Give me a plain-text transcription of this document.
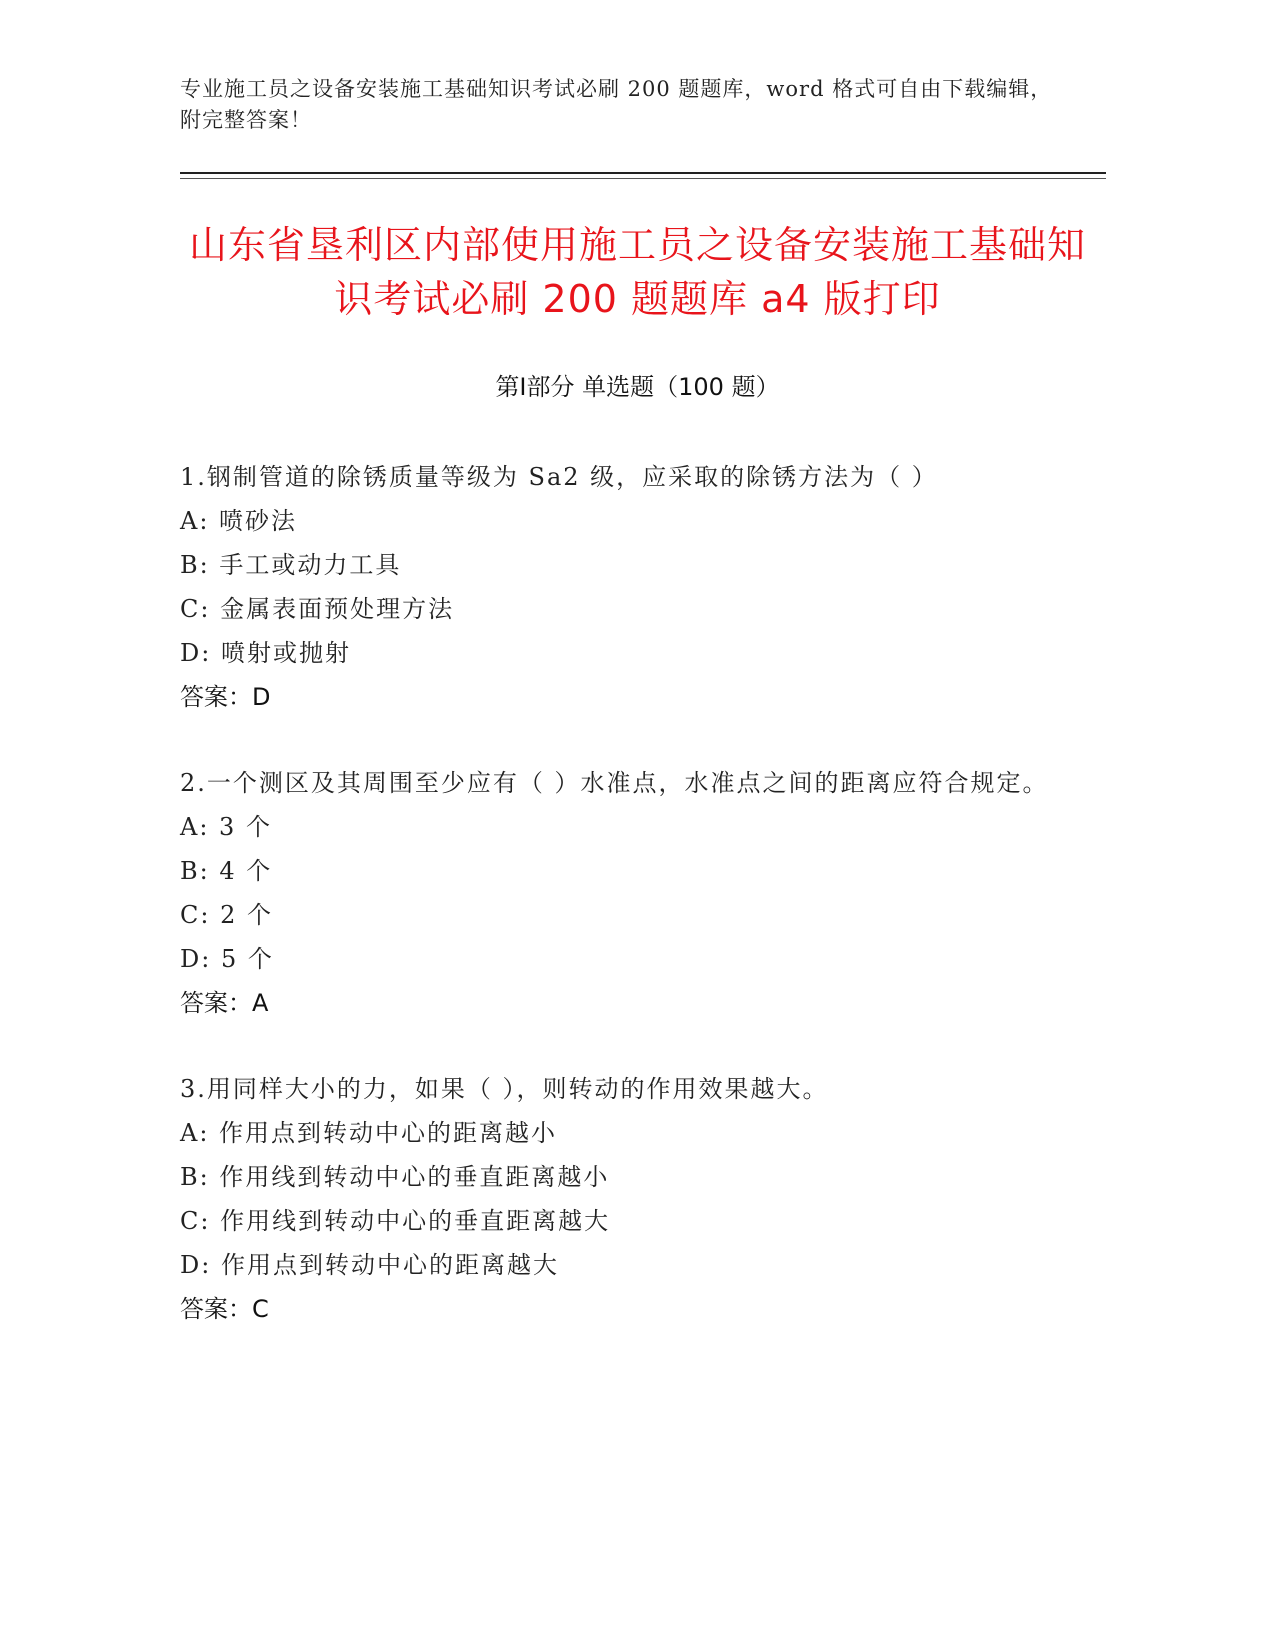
专业施工员之设备安装施工基础知识考试必刷 200 题题库，word 格式可自由下载编辑，附完整答案！
山东省垦利区内部使用施工员之设备安装施工基础知识考试必刷 200 题题库 a4 版打印
第Ⅰ部分 单选题（100 题）
1.钢制管道的除锈质量等级为 Sa2 级，应采取的除锈方法为（ ）
A: 喷砂法
B: 手工或动力工具
C: 金属表面预处理方法
D: 喷射或抛射
答案：D
2.一个测区及其周围至少应有（ ）水准点，水准点之间的距离应符合规定。
A: 3 个
B: 4 个
C: 2 个
D: 5 个
答案：A
3.用同样大小的力，如果（ ），则转动的作用效果越大。
A: 作用点到转动中心的距离越小
B: 作用线到转动中心的垂直距离越小
C: 作用线到转动中心的垂直距离越大
D: 作用点到转动中心的距离越大
答案：C
